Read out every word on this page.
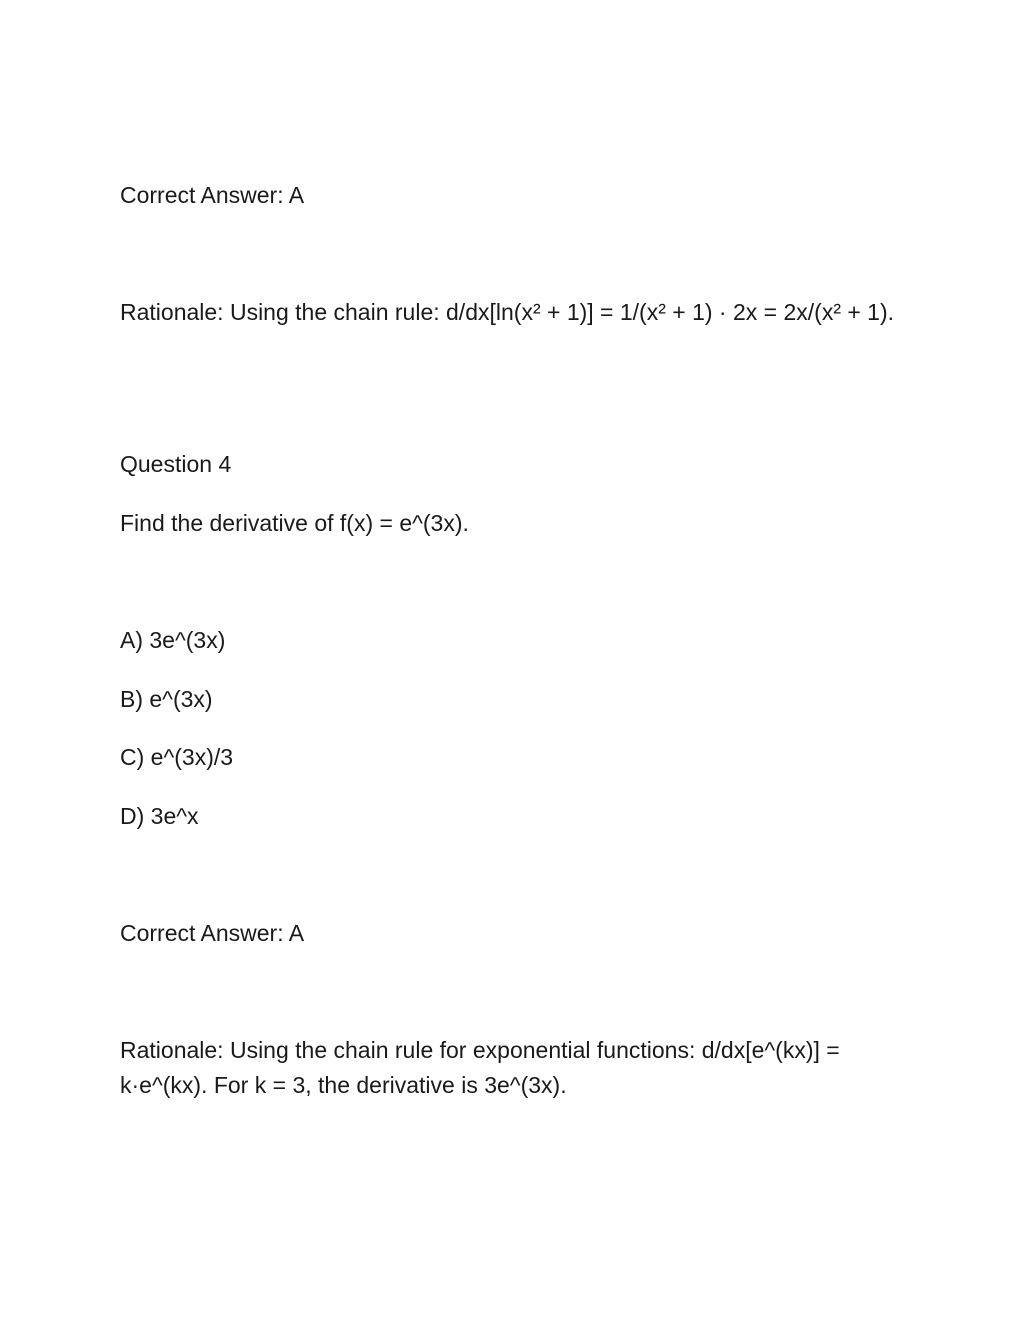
Correct Answer: A

Rationale: Using the chain rule: d/dx[ln(x² + 1)] = 1/(x² + 1) · 2x = 2x/(x² + 1).

Question 4

Find the derivative of f(x) = e^(3x).

A) 3e^(3x)

B) e^(3x)

C) e^(3x)/3

D) 3e^x

Correct Answer: A

Rationale: Using the chain rule for exponential functions: d/dx[e^(kx)] = k·e^(kx). For k = 3, the derivative is 3e^(3x).
